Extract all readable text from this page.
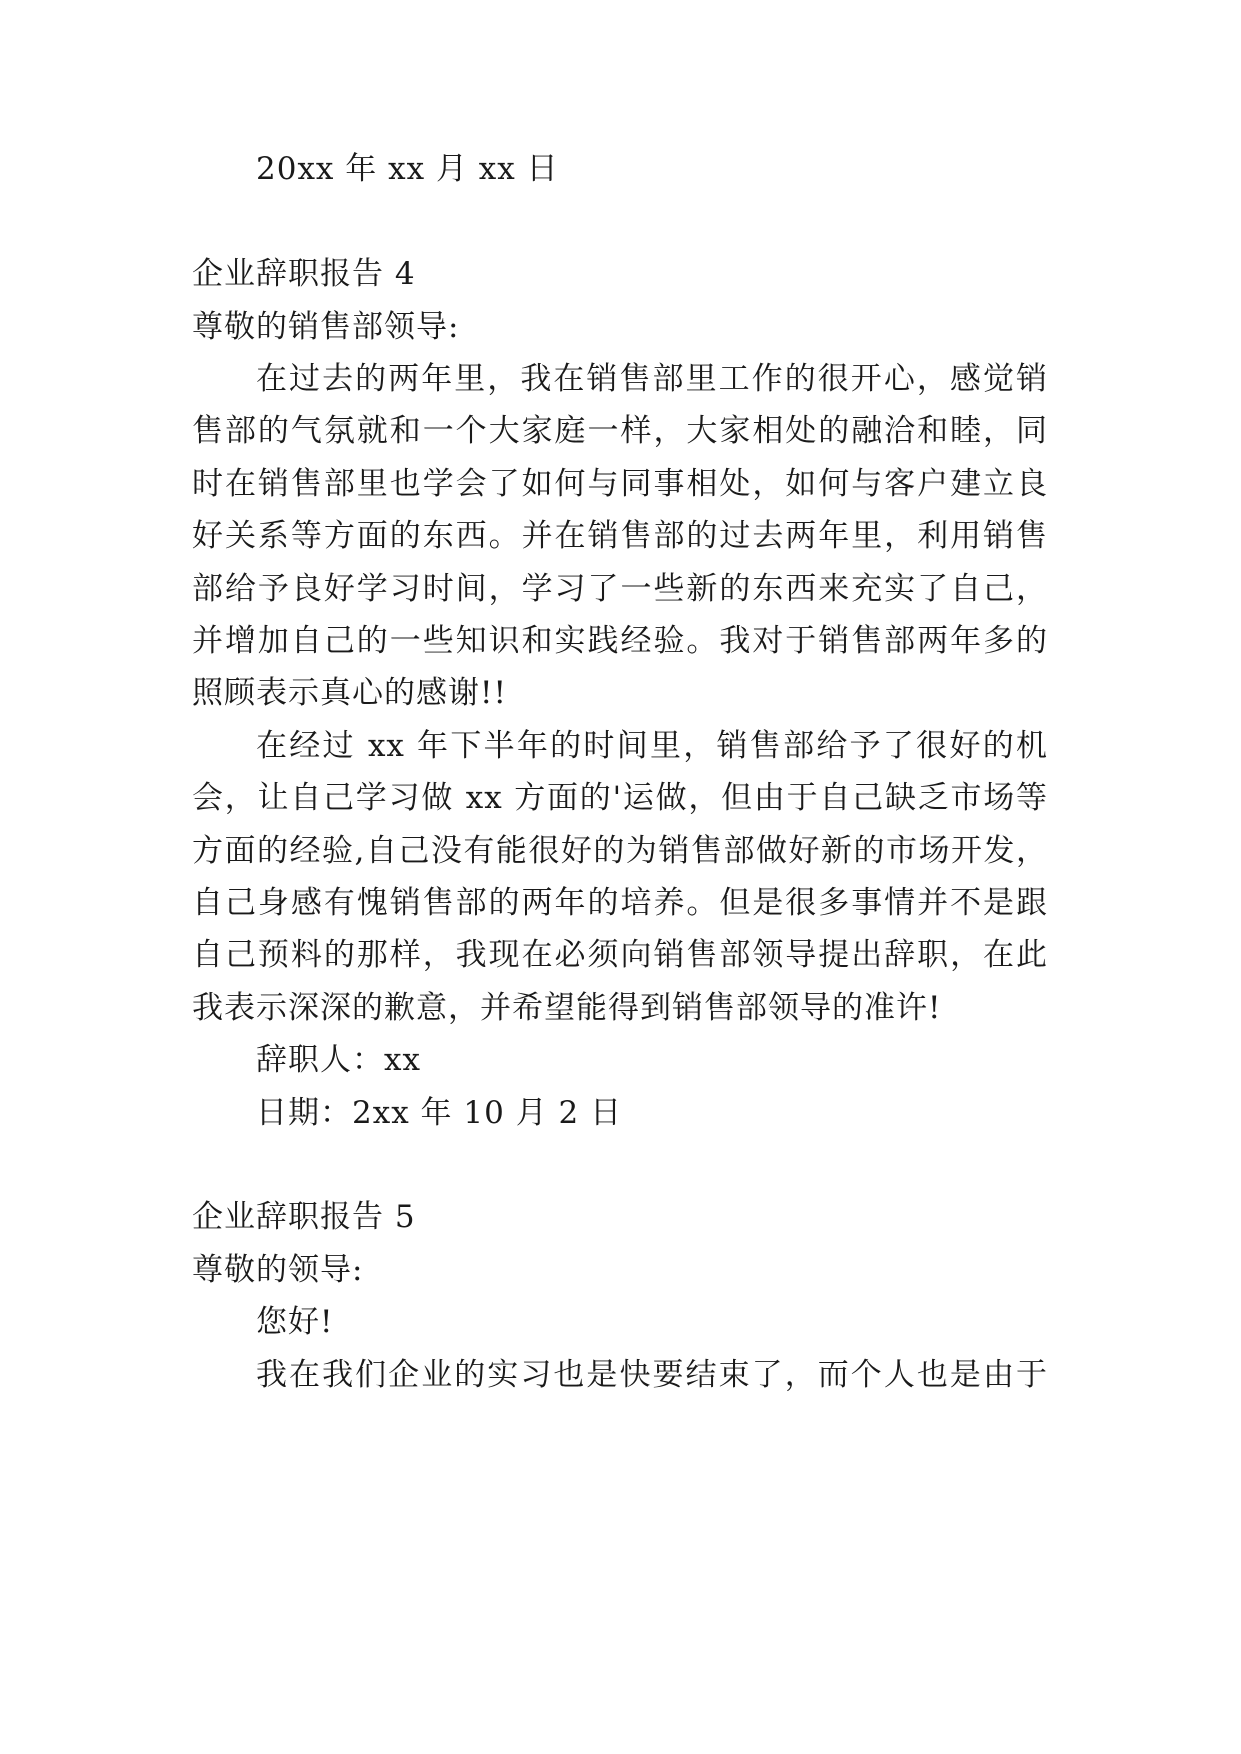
20xx 年 xx 月 xx 日
企业辞职报告 4
尊敬的销售部领导:
在过去的两年里，我在销售部里工作的很开心，感觉销
售部的气氛就和一个大家庭一样，大家相处的融洽和睦，同
时在销售部里也学会了如何与同事相处，如何与客户建立良
好关系等方面的东西。并在销售部的过去两年里，利用销售
部给予良好学习时间，学习了一些新的东西来充实了自己，
并增加自己的一些知识和实践经验。我对于销售部两年多的
照顾表示真心的感谢!!
在经过 xx 年下半年的时间里，销售部给予了很好的机
会，让自己学习做 xx 方面的'运做，但由于自己缺乏市场等
方面的经验,自己没有能很好的为销售部做好新的市场开发，
自己身感有愧销售部的两年的培养。但是很多事情并不是跟
自己预料的那样，我现在必须向销售部领导提出辞职，在此
我表示深深的歉意，并希望能得到销售部领导的准许!
辞职人：xx
日期：2xx 年 10 月 2 日
企业辞职报告 5
尊敬的领导:
您好!
我在我们企业的实习也是快要结束了，而个人也是由于
